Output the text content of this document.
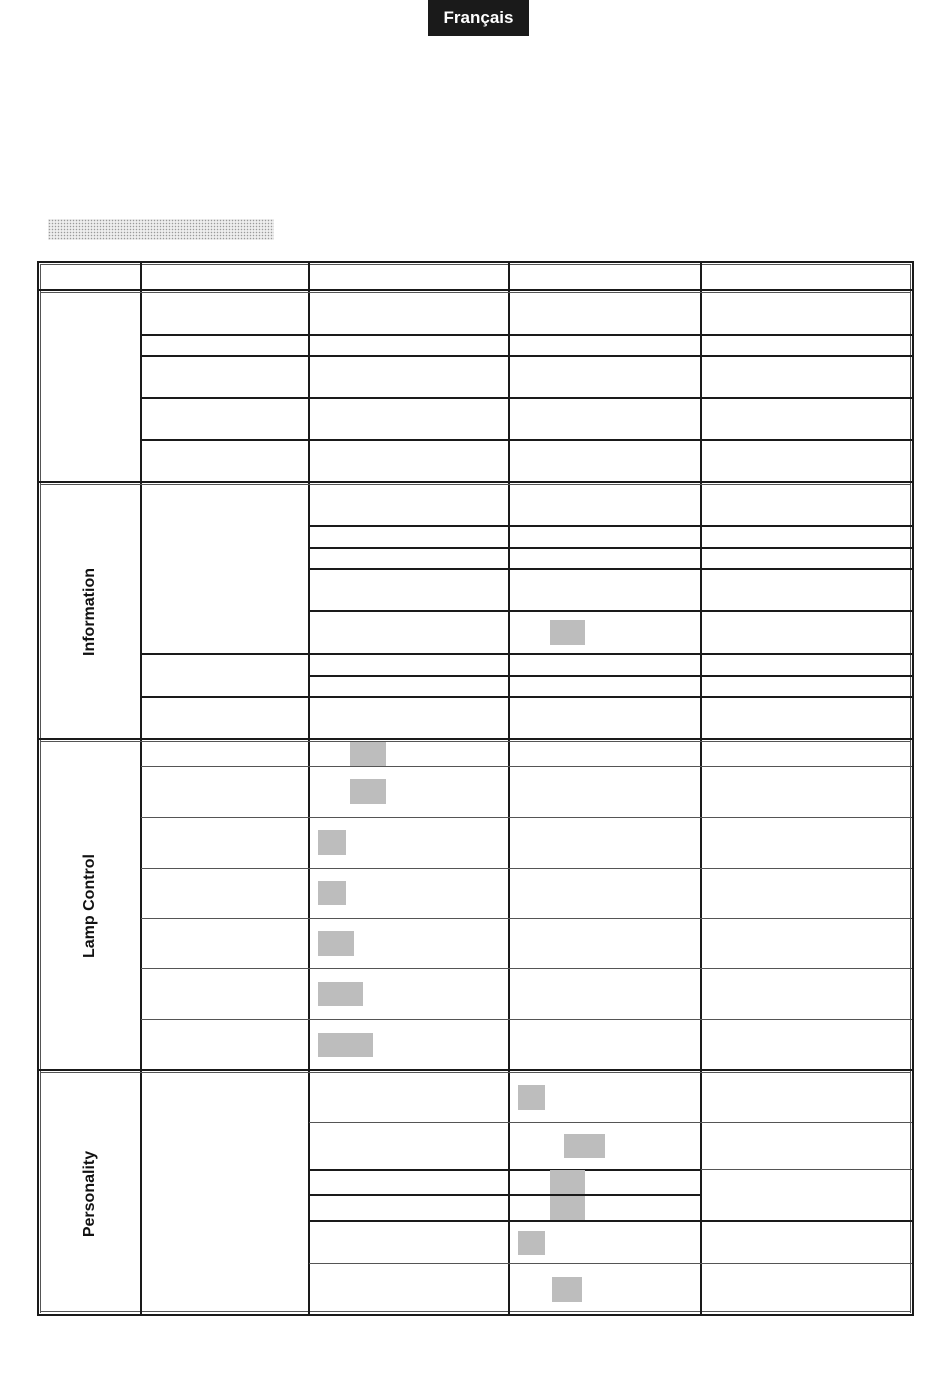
Français
Information
Lamp Control
Personality
